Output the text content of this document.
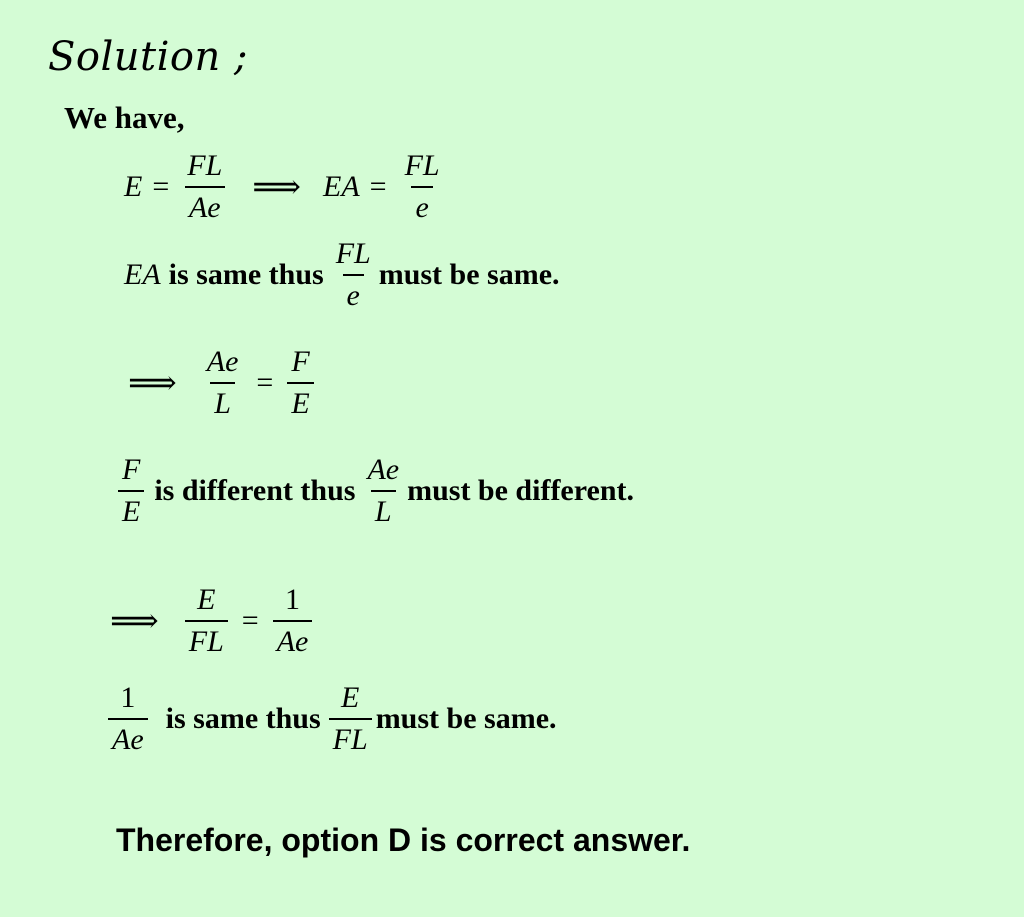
Solution ;
We have,
$E = \frac{FL}{Ae}$ ⟹ EA = $\frac{FL}{e}$
EA is same thus $\frac{FL}{e}$ must be same.
⟹ $\frac{Ae}{L} = \frac{F}{E}$
$\frac{F}{E}$ is different thus $\frac{Ae}{L}$ must be different.
⟹ $\frac{E}{FL} = \frac{1}{Ae}$
$\frac{1}{Ae}$ is same thus $\frac{E}{FL}$ must be same.
Therefore, option D is correct answer.
